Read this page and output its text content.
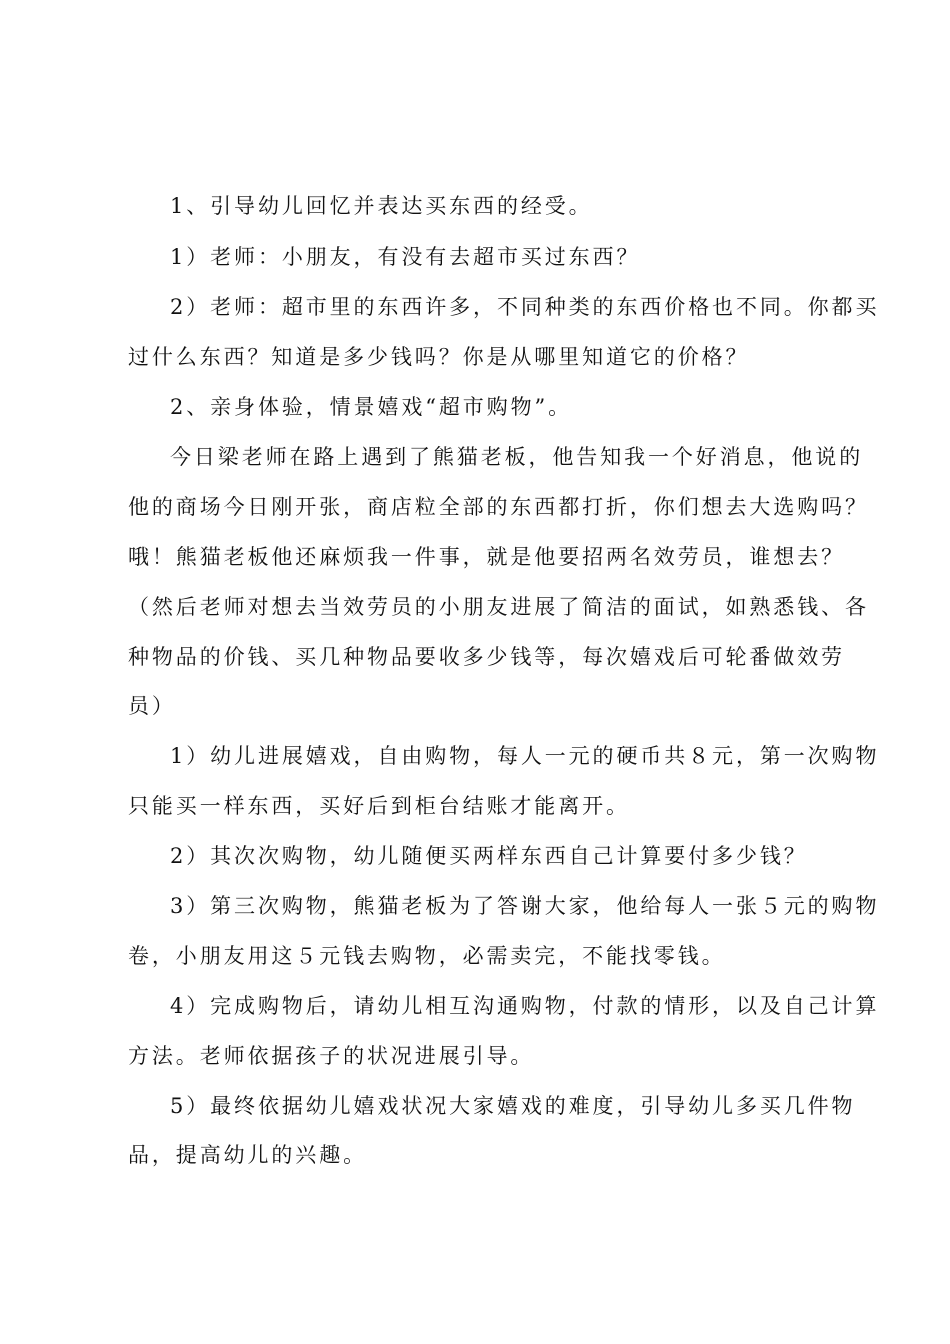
1、引导幼儿回忆并表达买东西的经受。
1）老师：小朋友，有没有去超市买过东西？
2）老师：超市里的东西许多，不同种类的东西价格也不同。你都买
过什么东西？知道是多少钱吗？你是从哪里知道它的价格？
2、亲身体验，情景嬉戏“超市购物”。
今日梁老师在路上遇到了熊猫老板，他告知我一个好消息，他说的
他的商场今日刚开张，商店粒全部的东西都打折，你们想去大选购吗？
哦！熊猫老板他还麻烦我一件事，就是他要招两名效劳员，谁想去？
（然后老师对想去当效劳员的小朋友进展了简洁的面试，如熟悉钱、各
种物品的价钱、买几种物品要收多少钱等，每次嬉戏后可轮番做效劳
员）
1）幼儿进展嬉戏，自由购物，每人一元的硬币共８元，第一次购物
只能买一样东西，买好后到柜台结账才能离开。
2）其次次购物，幼儿随便买两样东西自己计算要付多少钱？
3）第三次购物，熊猫老板为了答谢大家，他给每人一张５元的购物
卷，小朋友用这５元钱去购物，必需卖完，不能找零钱。
4）完成购物后，请幼儿相互沟通购物，付款的情形，以及自己计算
方法。老师依据孩子的状况进展引导。
5）最终依据幼儿嬉戏状况大家嬉戏的难度，引导幼儿多买几件物
品，提高幼儿的兴趣。
